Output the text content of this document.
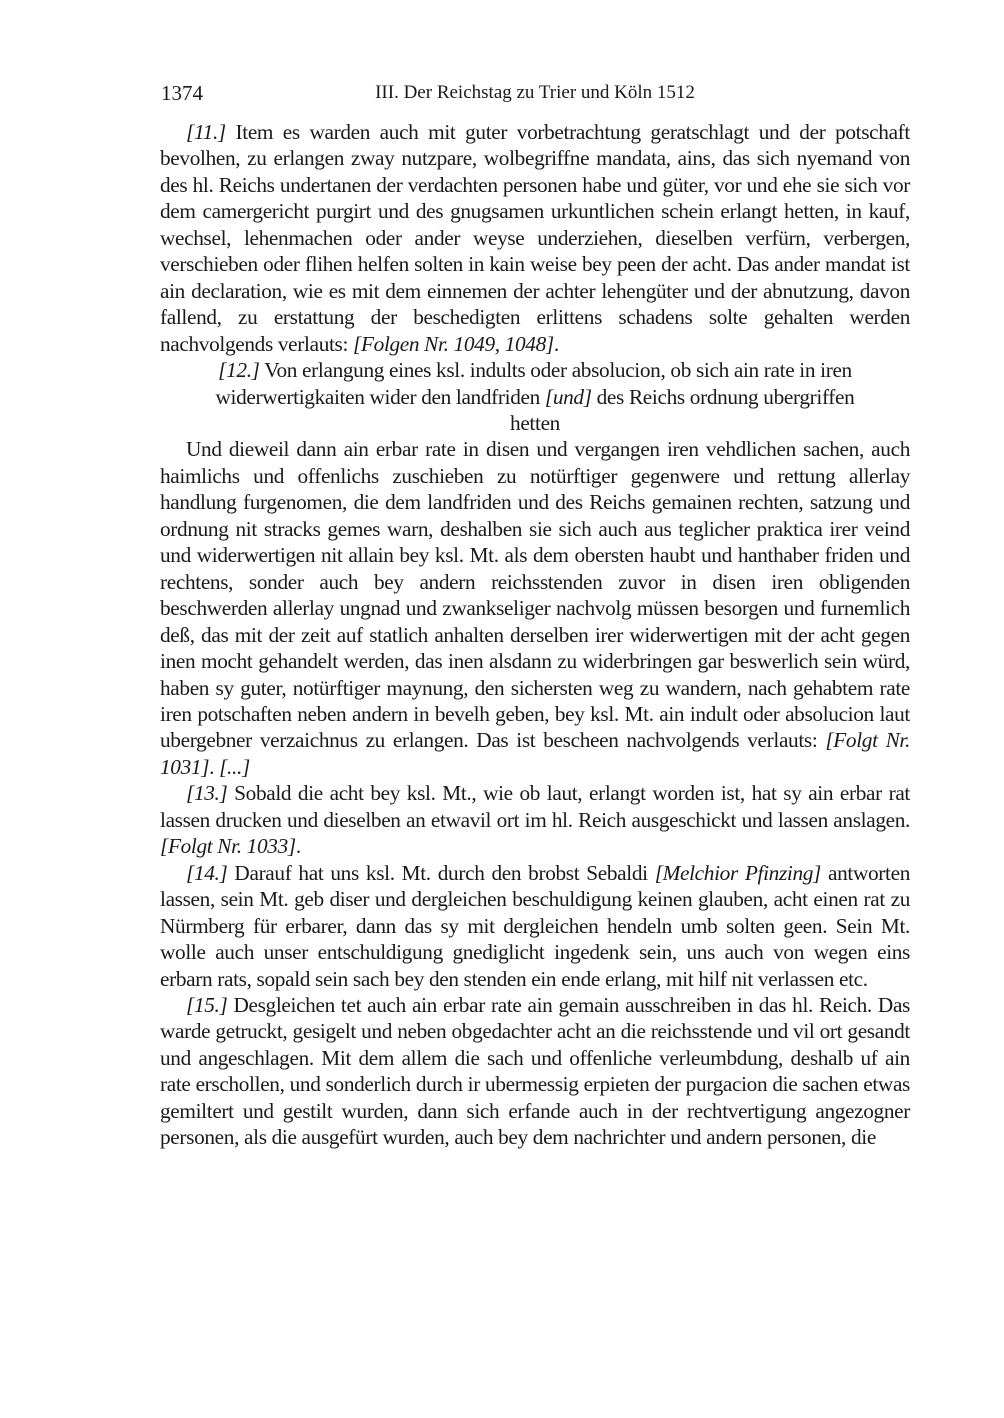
1374	III. Der Reichstag zu Trier und Köln 1512

[11.] Item es warden auch mit guter vorbetrachtung geratschlagt und der potschaft bevolhen, zu erlangen zway nutzpare, wolbegriffne mandata, ains, das sich nyemand von des hl. Reichs undertanen der verdachten personen habe und güter, vor und ehe sie sich vor dem camergericht purgirt und des gnugsamen urkuntlichen schein erlangt hetten, in kauf, wechsel, lehenmachen oder ander weyse underziehen, dieselben verfürn, verbergen, verschieben oder flihen helfen solten in kain weise bey peen der acht. Das ander mandat ist ain declaration, wie es mit dem einnemen der achter lehengüter und der abnutzung, davon fallend, zu erstattung der beschedigten erlittens schadens solte gehalten werden nachvolgends verlauts: [Folgen Nr. 1049, 1048].

[12.] Von erlangung eines ksl. indults oder absolucion, ob sich ain rate in iren widerwertigkaiten wider den landfriden [und] des Reichs ordnung ubergriffen hetten

Und dieweil dann ain erbar rate in disen und vergangen iren vehdlichen sachen, auch haimlichs und offenlichs zuschieben zu notürftiger gegenwere und rettung allerlay handlung furgenomen, die dem landfriden und des Reichs gemainen rechten, satzung und ordnung nit stracks gemes warn, deshalben sie sich auch aus teglicher praktica irer veind und widerwertigen nit allain bey ksl. Mt. als dem obersten haubt und hanthaber friden und rechtens, sonder auch bey andern reichsstenden zuvor in disen iren obligenden beschwerden allerlay ungnad und zwankseliger nachvolg müssen besorgen und furnemlich deß, das mit der zeit auf statlich anhalten derselben irer widerwertigen mit der acht gegen inen mocht gehandelt werden, das inen alsdann zu widerbringen gar beswerlich sein würd, haben sy guter, notürftiger maynung, den sichersten weg zu wandern, nach gehabtem rate iren potschaften neben andern in bevelh geben, bey ksl. Mt. ain indult oder absolucion laut ubergebner verzaichnus zu erlangen. Das ist bescheen nachvolgends verlauts: [Folgt Nr. 1031]. [...]

[13.] Sobald die acht bey ksl. Mt., wie ob laut, erlangt worden ist, hat sy ain erbar rat lassen drucken und dieselben an etwavil ort im hl. Reich ausgeschickt und lassen anslagen. [Folgt Nr. 1033].

[14.] Darauf hat uns ksl. Mt. durch den brobst Sebaldi [Melchior Pfinzing] antworten lassen, sein Mt. geb diser und dergleichen beschuldigung keinen glauben, acht einen rat zu Nürmberg für erbarer, dann das sy mit dergleichen hendeln umb solten geen. Sein Mt. wolle auch unser entschuldigung gnediglicht ingedenk sein, uns auch von wegen eins erbarn rats, sopald sein sach bey den stenden ein ende erlang, mit hilf nit verlassen etc.

[15.] Desgleichen tet auch ain erbar rate ain gemain ausschreiben in das hl. Reich. Das warde getruckt, gesigelt und neben obgedachter acht an die reichsstende und vil ort gesandt und angeschlagen. Mit dem allem die sach und offenliche verleumbdung, deshalb uf ain rate erschollen, und sonderlich durch ir ubermessig erpieten der purgacion die sachen etwas gemiltert und gestilt wurden, dann sich erfande auch in der rechtvertigung angezogner personen, als die ausgefürt wurden, auch bey dem nachrichter und andern personen, die
